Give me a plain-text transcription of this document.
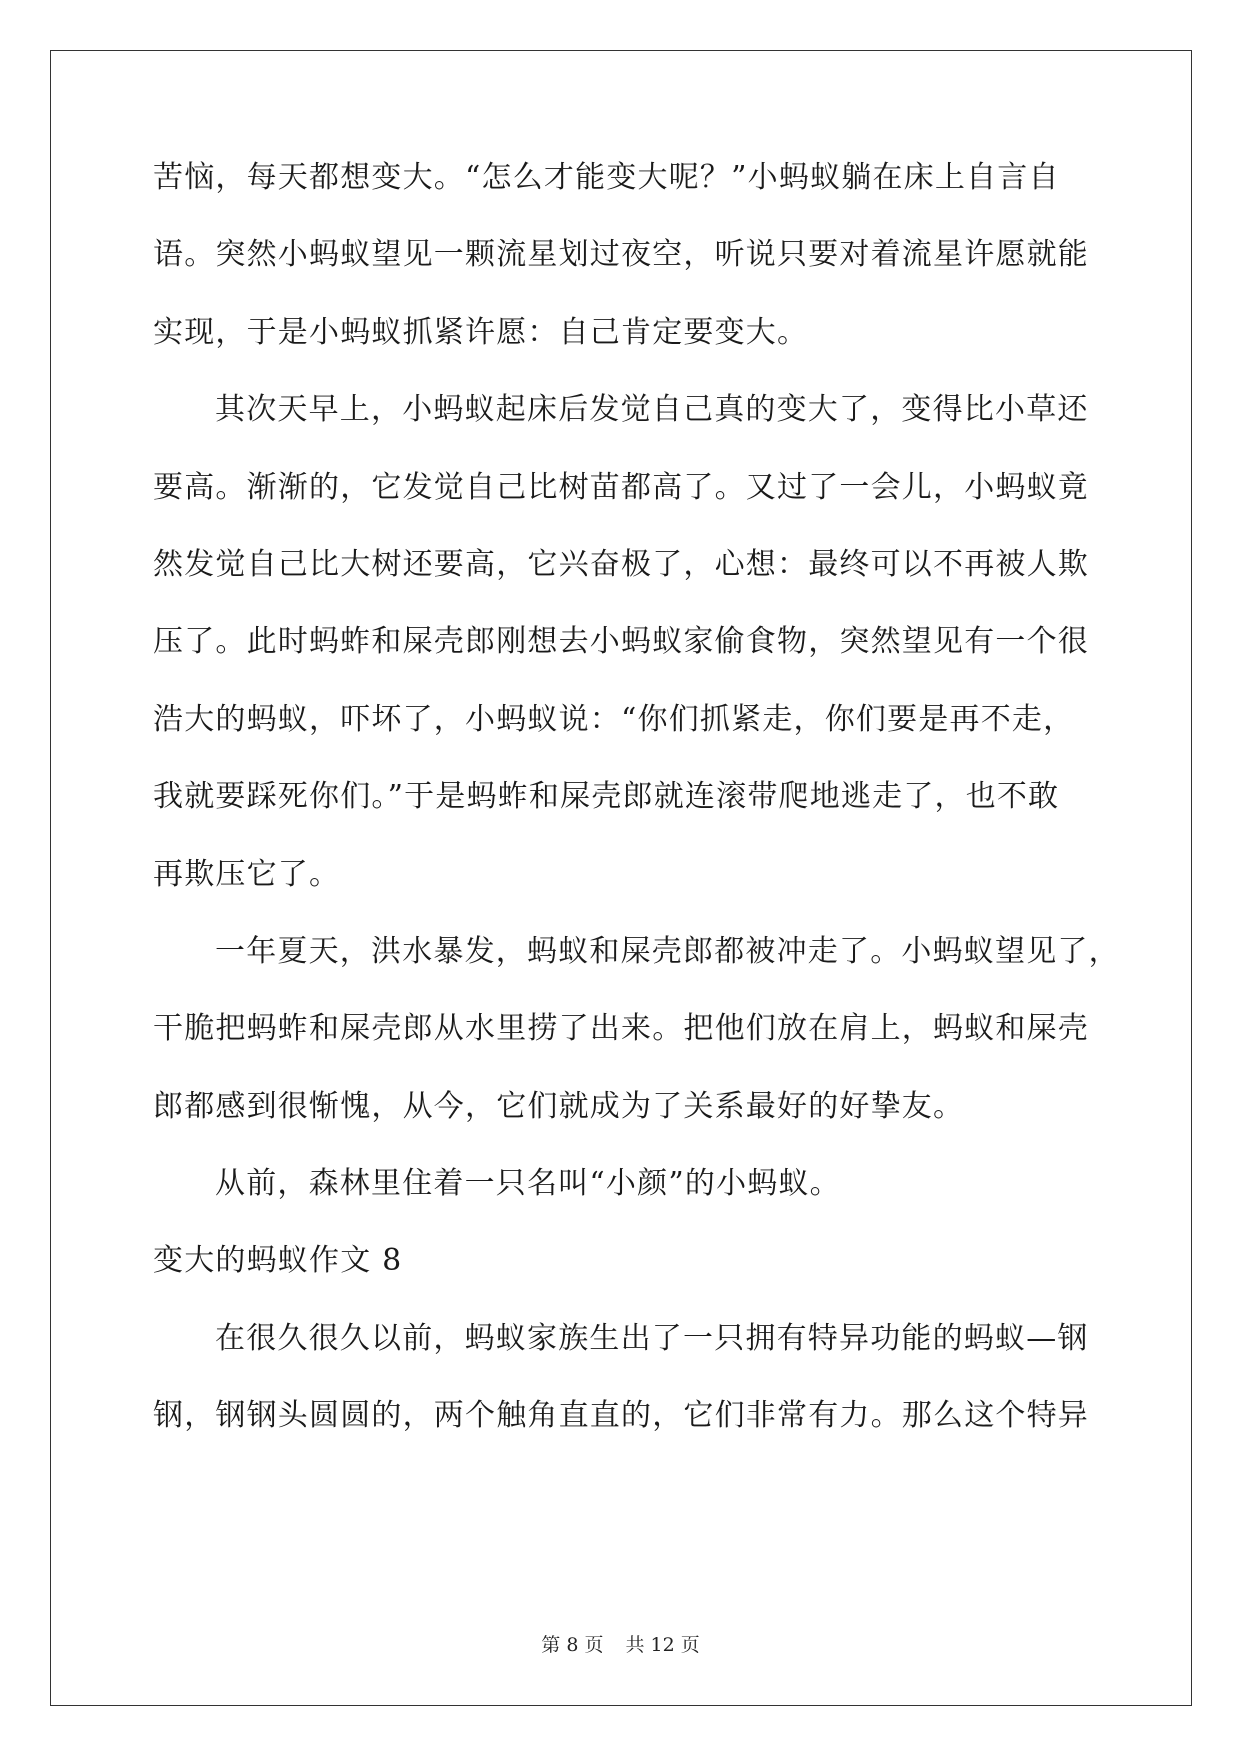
苦恼，每天都想变大。“怎么才能变大呢？”小蚂蚁躺在床上自言自
语。突然小蚂蚁望见一颗流星划过夜空，听说只要对着流星许愿就能
实现，于是小蚂蚁抓紧许愿：自己肯定要变大。
其次天早上，小蚂蚁起床后发觉自己真的变大了，变得比小草还
要高。渐渐的，它发觉自己比树苗都高了。又过了一会儿，小蚂蚁竟
然发觉自己比大树还要高，它兴奋极了，心想：最终可以不再被人欺
压了。此时蚂蚱和屎壳郎刚想去小蚂蚁家偷食物，突然望见有一个很
浩大的蚂蚁，吓坏了，小蚂蚁说：“你们抓紧走，你们要是再不走，
我就要踩死你们。”于是蚂蚱和屎壳郎就连滚带爬地逃走了，也不敢
再欺压它了。
一年夏天，洪水暴发，蚂蚁和屎壳郎都被冲走了。小蚂蚁望见了，
干脆把蚂蚱和屎壳郎从水里捞了出来。把他们放在肩上，蚂蚁和屎壳
郎都感到很惭愧，从今，它们就成为了关系最好的好挚友。
从前，森林里住着一只名叫“小颜”的小蚂蚁。
变大的蚂蚁作文 8
在很久很久以前，蚂蚁家族生出了一只拥有特异功能的蚂蚁—钢
钢，钢钢头圆圆的，两个触角直直的，它们非常有力。那么这个特异
第 8 页 共 12 页
